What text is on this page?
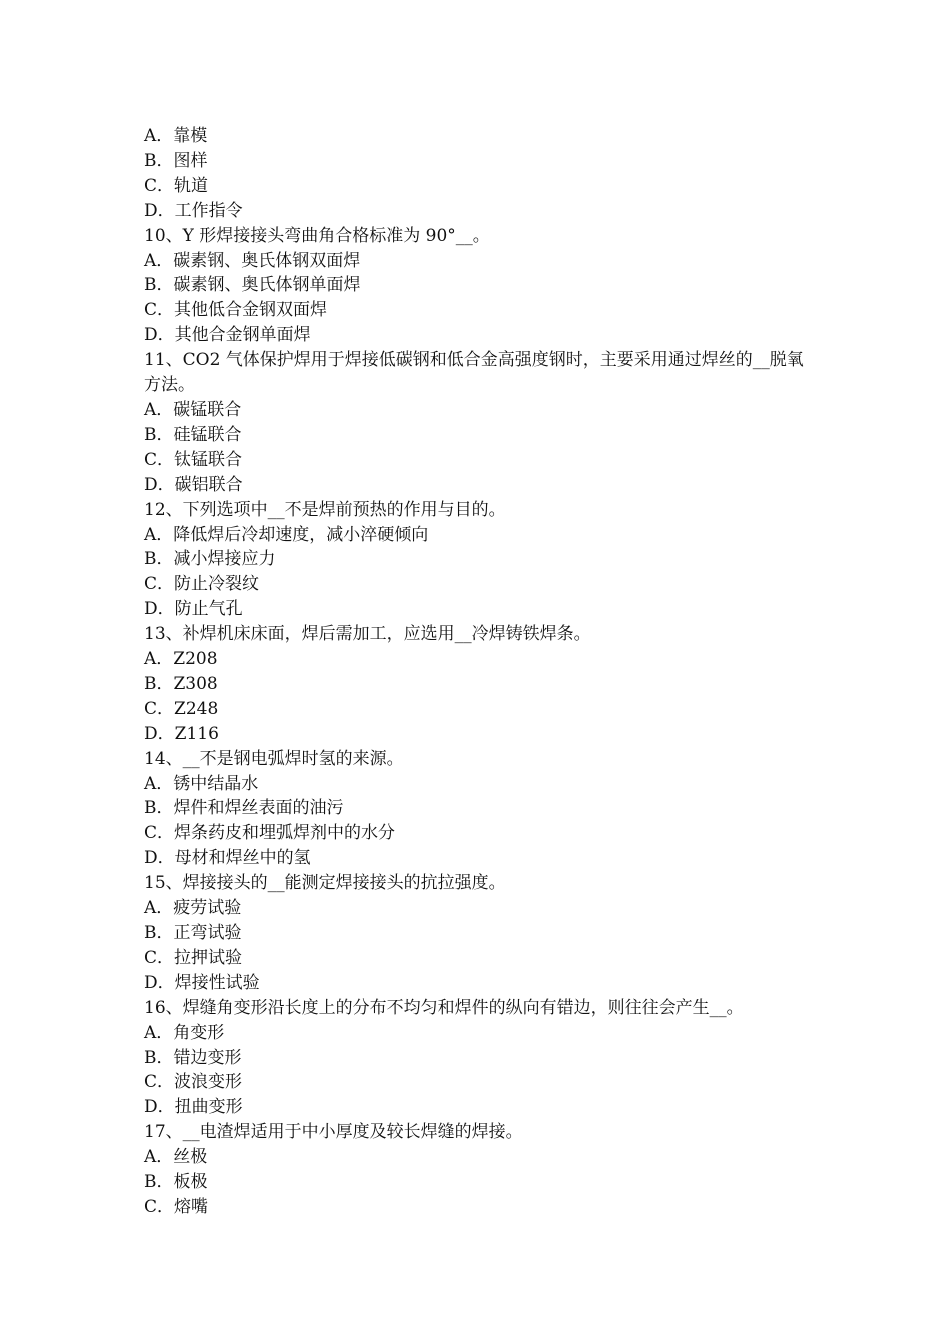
A．靠模

B．图样

C．轨道

D．工作指令

10、Y 形焊接接头弯曲角合格标准为 90°__。

A．碳素钢、奥氏体钢双面焊

B．碳素钢、奥氏体钢单面焊

C．其他低合金钢双面焊

D．其他合金钢单面焊

11、CO2 气体保护焊用于焊接低碳钢和低合金高强度钢时，主要采用通过焊丝的__脱氧方法。

A．碳锰联合

B．硅锰联合

C．钛锰联合

D．碳铝联合

12、下列选项中__不是焊前预热的作用与目的。

A．降低焊后冷却速度，减小淬硬倾向

B．减小焊接应力

C．防止冷裂纹

D．防止气孔

13、补焊机床床面，焊后需加工，应选用__冷焊铸铁焊条。

A．Z208

B．Z308

C．Z248

D．Z116

14、__不是钢电弧焊时氢的来源。

A．锈中结晶水

B．焊件和焊丝表面的油污

C．焊条药皮和埋弧焊剂中的水分

D．母材和焊丝中的氢

15、焊接接头的__能测定焊接接头的抗拉强度。

A．疲劳试验

B．正弯试验

C．拉押试验

D．焊接性试验

16、焊缝角变形沿长度上的分布不均匀和焊件的纵向有错边，则往往会产生__。

A．角变形

B．错边变形

C．波浪变形

D．扭曲变形

17、__电渣焊适用于中小厚度及较长焊缝的焊接。

A．丝极

B．板极

C．熔嘴
